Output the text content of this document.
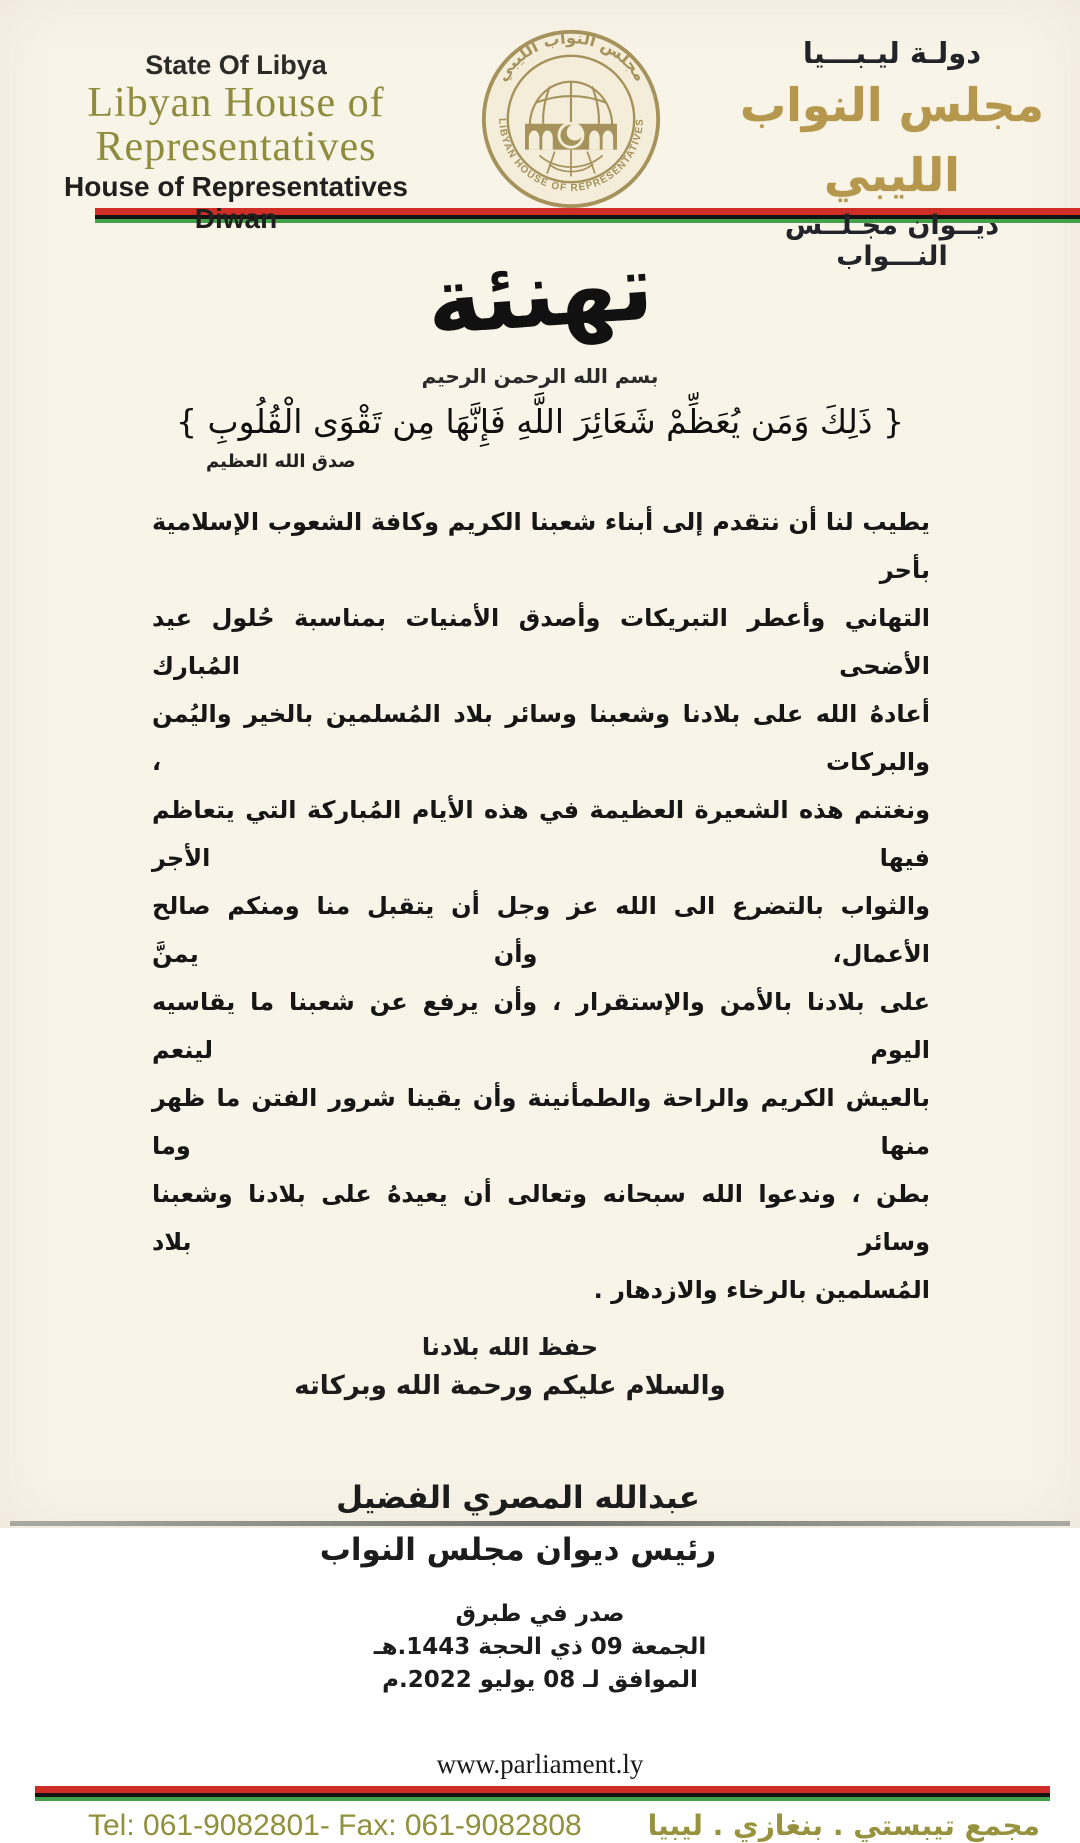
State Of Libya
Libyan House of
Representatives
House of Representatives Diwan
مجلس النواب الليبي
LIBYAN HOUSE OF REPRESENTATIVES
دولـة ليـبـــيا
مجلس النواب الليبي
ديــوان مجـلــس النـــواب
تهنئة
بسم الله الرحمن الرحيم
{ ذَلِكَ وَمَن يُعَظِّمْ شَعَائِرَ اللَّهِ فَإِنَّهَا مِن تَقْوَى الْقُلُوبِ }
صدق الله العظيم
يطيب لنا أن نتقدم إلى أبناء شعبنا الكريم وكافة الشعوب الإسلامية بأحر
التهاني وأعطر التبريكات وأصدق الأمنيات بمناسبة حُلول عيد الأضحى المُبارك
أعادهُ الله على بلادنا وشعبنا وسائر بلاد المُسلمين بالخير واليُمن والبركات ،
ونغتنم هذه الشعيرة العظيمة في هذه الأيام المُباركة التي يتعاظم فيها الأجر
والثواب بالتضرع الى الله عز وجل أن يتقبل منا ومنكم صالح الأعمال، وأن يمنَّ
على بلادنا بالأمن والإستقرار ، وأن يرفع عن شعبنا ما يقاسيه اليوم لينعم
بالعيش الكريم والراحة والطمأنينة وأن يقينا شرور الفتن ما ظهر منها وما
بطن ، وندعوا الله سبحانه وتعالى أن يعيدهُ على بلادنا وشعبنا وسائر بلاد
المُسلمين بالرخاء والازدهار .
حفظ الله بلادنا
والسلام عليكم ورحمة الله وبركاته
عبدالله المصري الفضيل
رئيس ديوان مجلس النواب
صدر في طبرق
الجمعة 09 ذي الحجة 1443.هـ
الموافق لـ 08 يوليو 2022.م
www.parliament.ly
Tel: 061-9082801- Fax: 061-9082808 مجمع تيبستي . بنغازي . ليبيا
